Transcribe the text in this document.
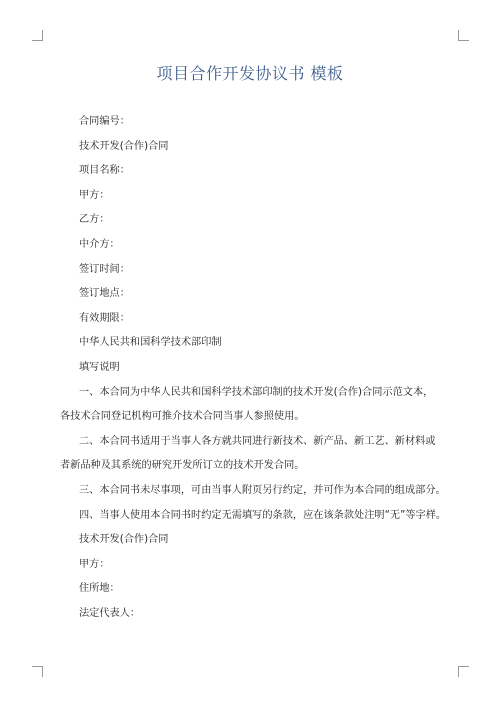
项目合作开发协议书 模板
合同编号：
技术开发(合作)合同
项目名称：
甲方：
乙方：
中介方：
签订时间：
签订地点：
有效期限：
中华人民共和国科学技术部印制
填写说明
一、本合同为中华人民共和国科学技术部印制的技术开发(合作)合同示范文本，
各技术合同登记机构可推介技术合同当事人参照使用。
二、本合同书适用于当事人各方就共同进行新技术、新产品、新工艺、新材料或
者新品种及其系统的研究开发所订立的技术开发合同。
三、本合同书未尽事项，可由当事人附页另行约定，并可作为本合同的组成部分。
四、当事人使用本合同书时约定无需填写的条款，应在该条款处注明“无”等字样。
技术开发(合作)合同
甲方：
住所地：
法定代表人：
